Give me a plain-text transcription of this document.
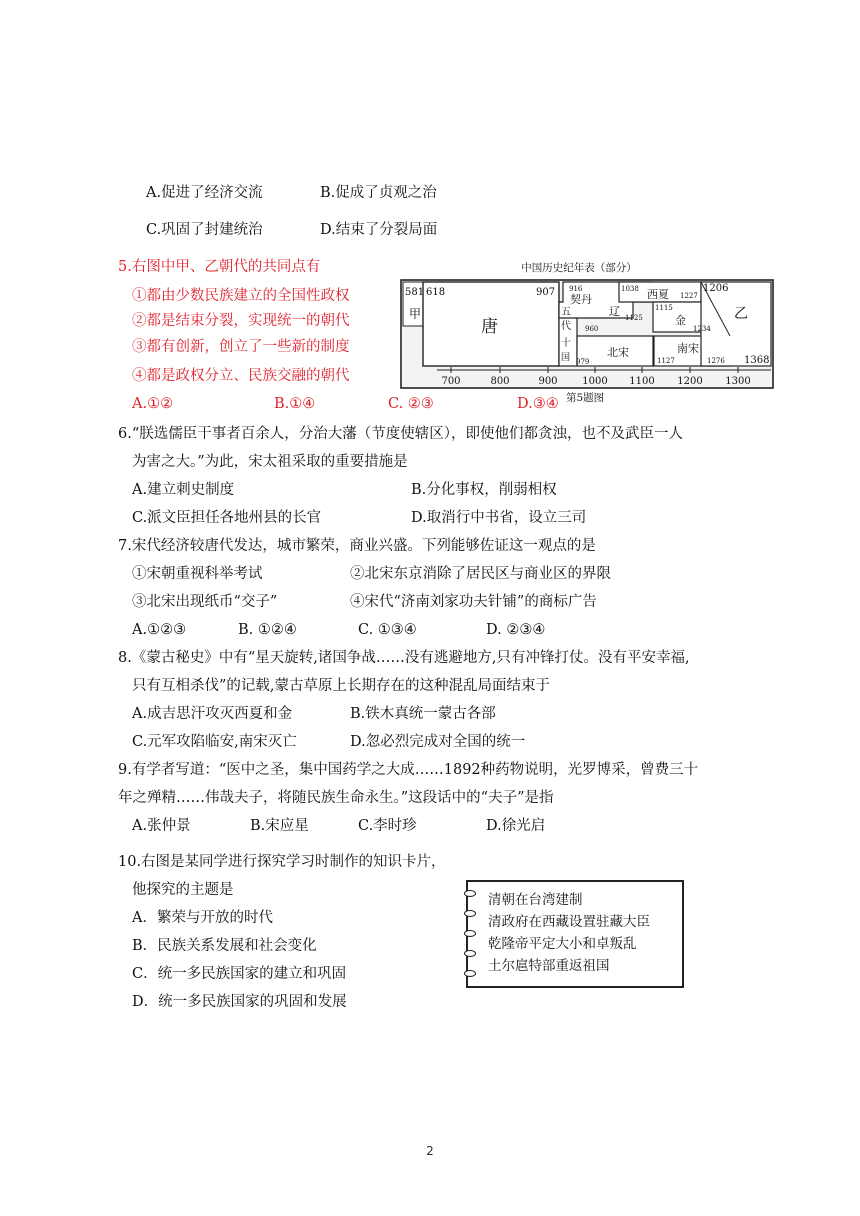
A.促进了经济交流	B.促成了贞观之治
C.巩固了封建统治	D.结束了分裂局面
5.右图中甲、乙朝代的共同点有
①都由少数民族建立的全国性政权
②都是结束分裂，实现统一的朝代
③都有创新，创立了一些新的制度
④都是政权分立、民族交融的朝代
A.①②	B.①④	C. ②③	D.③④
中国历史纪年表（部分）
581
甲
618	907
唐
916
契丹
辽
1038 西夏 1227
1206
1115
1125	金
1234
乙
五
代
十
国
960
979
北宋	南宋
1127	1276 1368
700	800	900 1000 1100 1200 1300
第5题图
6.“朕选儒臣干事者百余人，分治大藩（节度使辖区），即使他们都贪浊，也不及武臣一人
为害之大。”为此，宋太祖采取的重要措施是
A.建立刺史制度	B.分化事权，削弱相权
C.派文臣担任各地州县的长官	D.取消行中书省，设立三司
7.宋代经济较唐代发达，城市繁荣，商业兴盛。下列能够佐证这一观点的是
①宋朝重视科举考试	②北宋东京消除了居民区与商业区的界限
③北宋出现纸币“交子”	④宋代“济南刘家功夫针铺”的商标广告
A.①②③	B. ①②④	C. ①③④	D. ②③④
8.《蒙古秘史》中有“星天旋转,诸国争战……没有逃避地方,只有冲锋打仗。没有平安幸福,
只有互相杀伐”的记载,蒙古草原上长期存在的这种混乱局面结束于
A.成吉思汗攻灭西夏和金	B.铁木真统一蒙古各部
C.元军攻陷临安,南宋灭亡	D.忽必烈完成对全国的统一
9.有学者写道：“医中之圣，集中国药学之大成……1892种药物说明，光罗博采，曾费三十
年之殚精……伟哉夫子，将随民族生命永生。”这段话中的“夫子”是指
A.张仲景	B.宋应星	C.李时珍	D.徐光启
10.右图是某同学进行探究学习时制作的知识卡片，
他探究的主题是
A．繁荣与开放的时代
B．民族关系发展和社会变化
C．统一多民族国家的建立和巩固
D．统一多民族国家的巩固和发展
清朝在台湾建制
清政府在西藏设置驻藏大臣
乾隆帝平定大小和卓叛乱
土尔扈特部重返祖国
2
